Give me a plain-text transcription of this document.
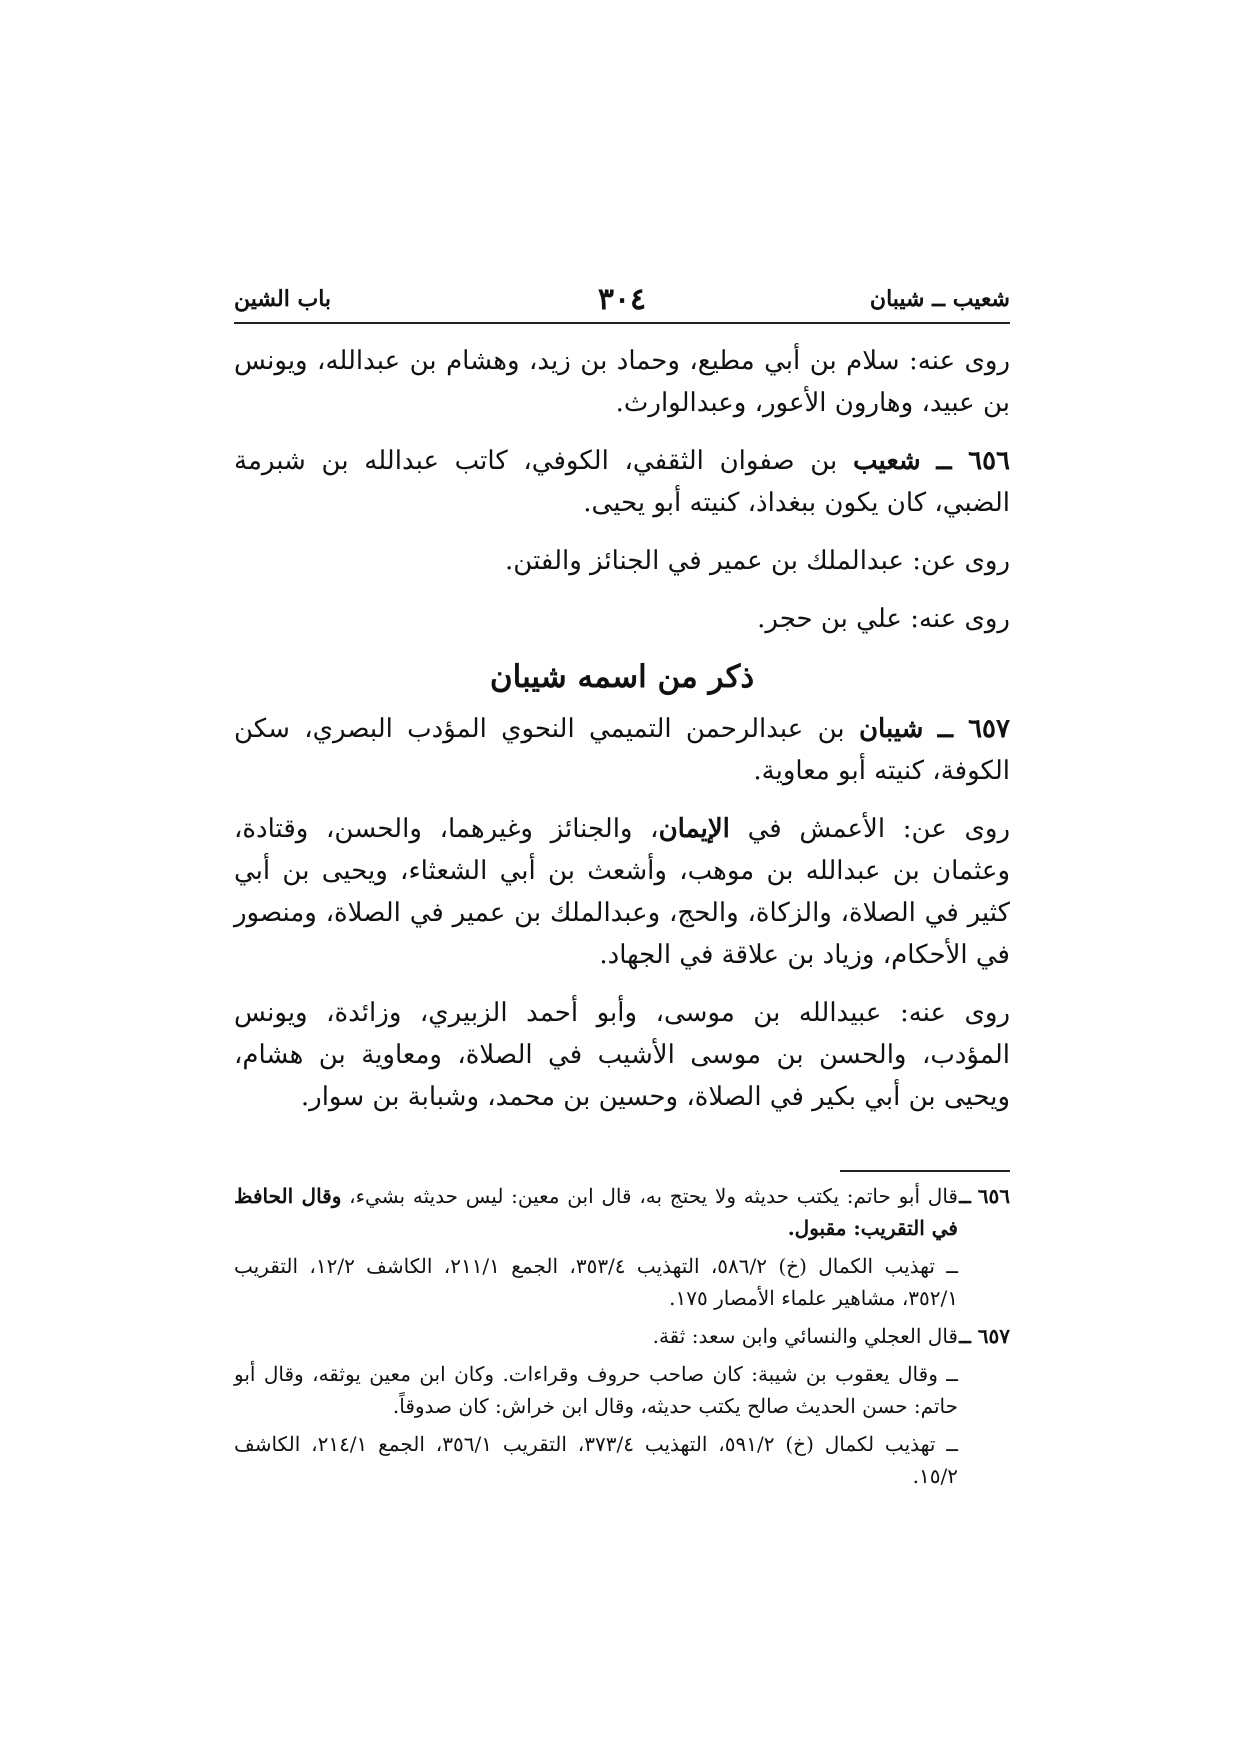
باب الشين	٣٠٤	شعيب ــ شيبان

روى عنه: سلام بن أبي مطيع، وحماد بن زيد، وهشام بن عبدالله، ويونس بن عبيد، وهارون الأعور، وعبدالوارث.

٦٥٦ ــ شعيب بن صفوان الثقفي، الكوفي، كاتب عبدالله بن شبرمة الضبي، كان يكون ببغداذ، كنيته أبو يحيى.

روى عن: عبدالملك بن عمير في الجنائز والفتن.

روى عنه: علي بن حجر.

ذكر من اسمه شيبان

٦٥٧ ــ شيبان بن عبدالرحمن التميمي النحوي المؤدب البصري، سكن الكوفة، كنيته أبو معاوية.

روى عن: الأعمش في الإيمان، والجنائز وغيرهما، والحسن، وقتادة، وعثمان بن عبدالله بن موهب، وأشعث بن أبي الشعثاء، ويحيى بن أبي كثير في الصلاة، والزكاة، والحج، وعبدالملك بن عمير في الصلاة، ومنصور في الأحكام، وزياد بن علاقة في الجهاد.

روى عنه: عبيدالله بن موسى، وأبو أحمد الزبيري، وزائدة، ويونس المؤدب، والحسن بن موسى الأشيب في الصلاة، ومعاوية بن هشام، ويحيى بن أبي بكير في الصلاة، وحسين بن محمد، وشبابة بن سوار.

٦٥٦ ــ
قال أبو حاتم: يكتب حديثه ولا يحتج به، قال ابن معين: ليس حديثه بشيء، وقال الحافظ في التقريب: مقبول.

ــ تهذيب الكمال (خ) ٥٨٦/٢، التهذيب ٣٥٣/٤، الجمع ٢١١/١، الكاشف ١٢/٢، التقريب ٣٥٢/١، مشاهير علماء الأمصار ١٧٥.

٦٥٧ ــ
قال العجلي والنسائي وابن سعد: ثقة.

ــ وقال يعقوب بن شيبة: كان صاحب حروف وقراءات. وكان ابن معين يوثقه، وقال أبو حاتم: حسن الحديث صالح يكتب حديثه، وقال ابن خراش: كان صدوقاً.

ــ تهذيب لكمال (خ) ٥٩١/٢، التهذيب ٣٧٣/٤، التقريب ٣٥٦/١، الجمع ٢١٤/١، الكاشف ١٥/٢.
